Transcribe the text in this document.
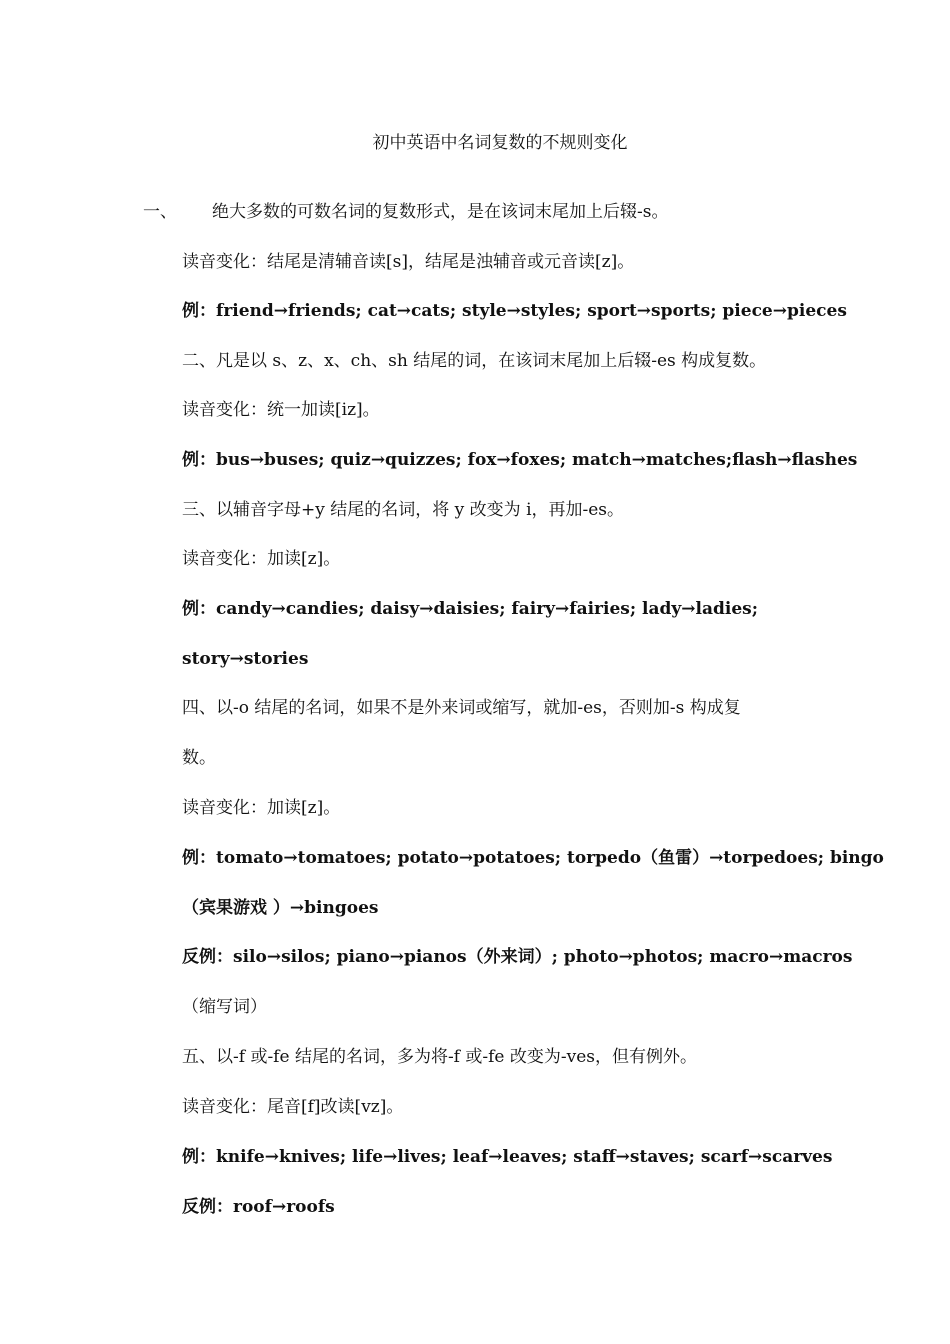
初中英语中名词复数的不规则变化
一、 绝大多数的可数名词的复数形式，是在该词末尾加上后辍-s。
读音变化：结尾是清辅音读[s]，结尾是浊辅音或元音读[z]。
例：friend→friends; cat→cats; style→styles; sport→sports; piece→pieces
二、凡是以 s、z、x、ch、sh 结尾的词，在该词末尾加上后辍-es 构成复数。
读音变化：统一加读[iz]。
例：bus→buses; quiz→quizzes; fox→foxes; match→matches;flash→flashes
三、以辅音字母+y 结尾的名词，将 y 改变为 i，再加-es。
读音变化：加读[z]。
例：candy→candies; daisy→daisies; fairy→fairies; lady→ladies;
story→stories
四、以-o 结尾的名词，如果不是外来词或缩写，就加-es，否则加-s 构成复
数。
读音变化：加读[z]。
例：tomato→tomatoes; potato→potatoes; torpedo（鱼雷）→torpedoes; bingo
（宾果游戏 ）→bingoes
反例：silo→silos; piano→pianos（外来词）; photo→photos; macro→macros
（缩写词）
五、以-f 或-fe 结尾的名词，多为将-f 或-fe 改变为-ves，但有例外。
读音变化：尾音[f]改读[vz]。
例：knife→knives; life→lives; leaf→leaves; staff→staves; scarf→scarves
反例：roof→roofs
